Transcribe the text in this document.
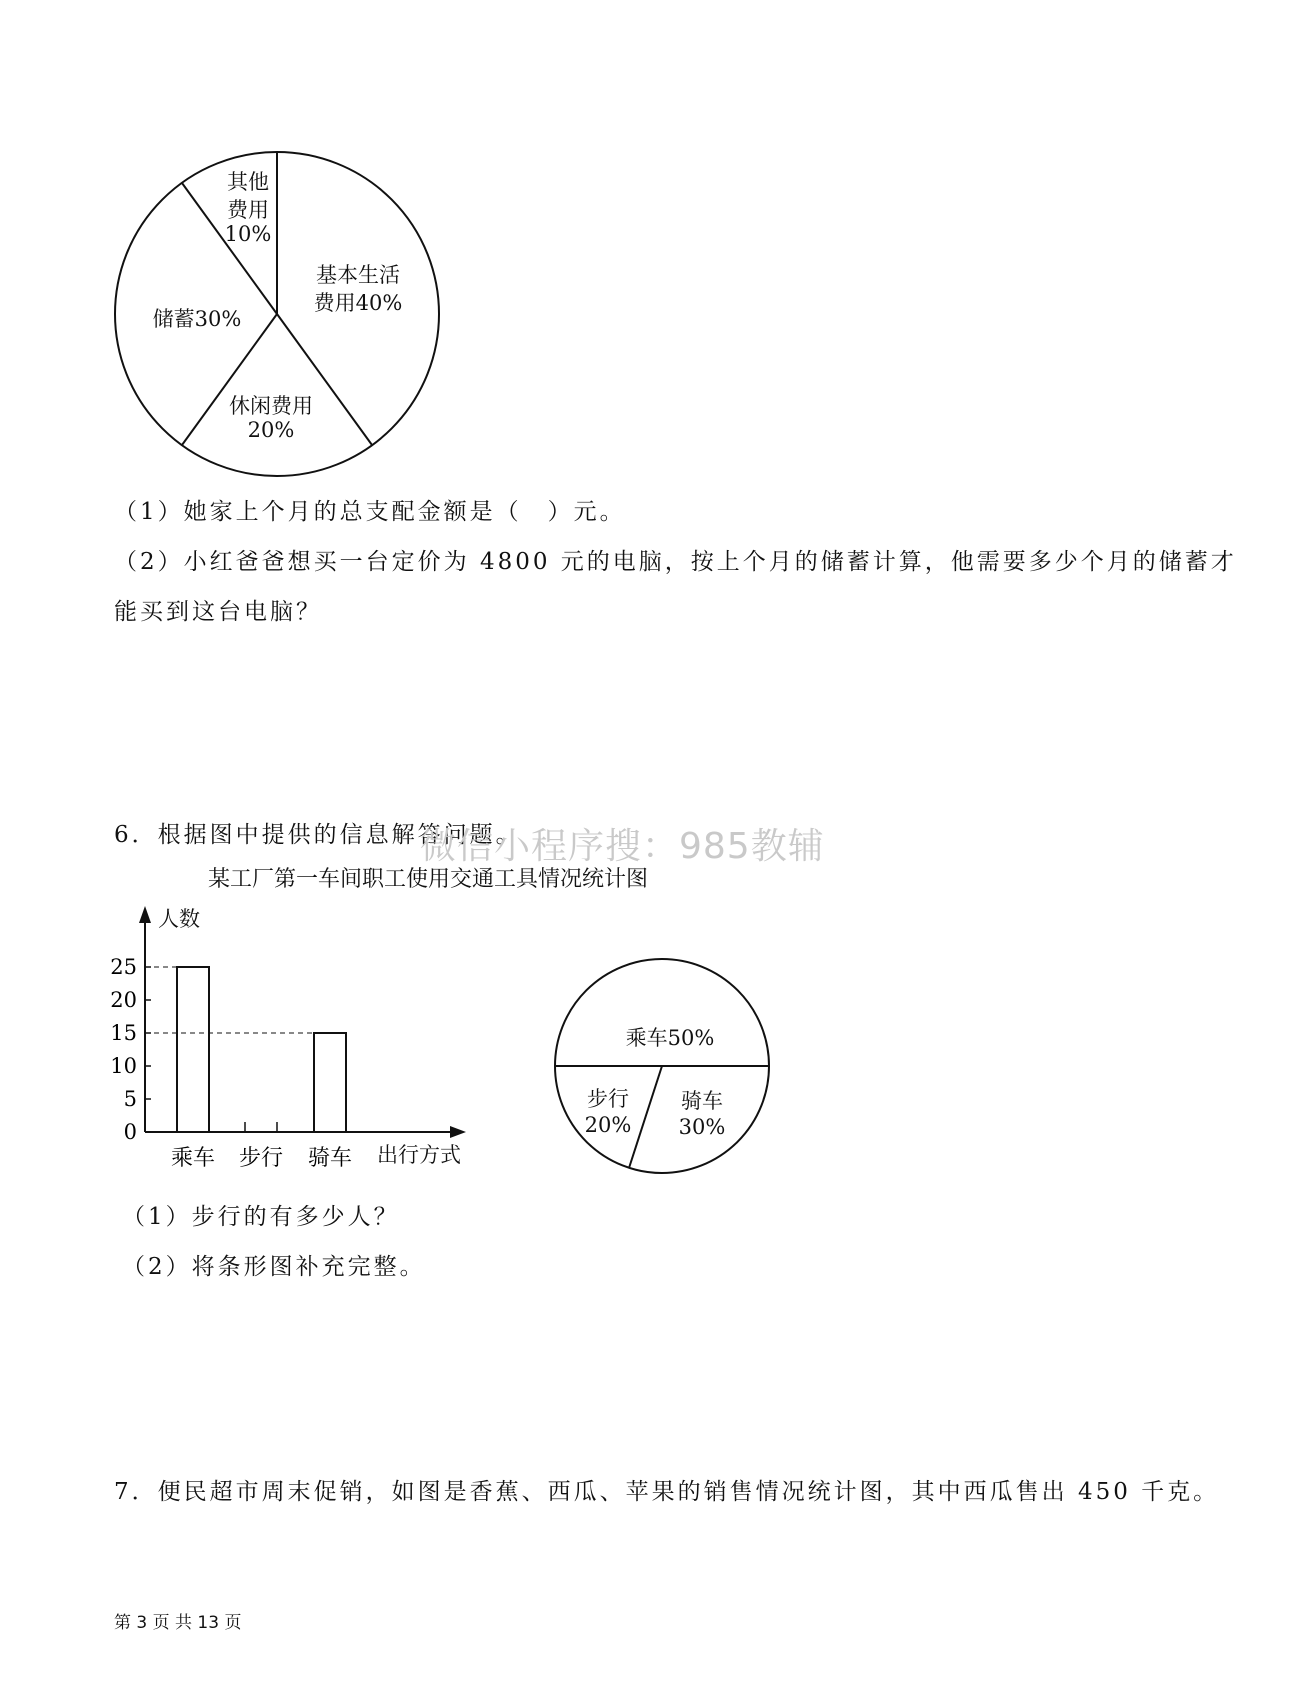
其他
费用
10%
基本生活
费用40%
储蓄30%
休闲费用
20%
（1）她家上个月的总支配金额是（　）元。
（2）小红爸爸想买一台定价为 4800 元的电脑，按上个月的储蓄计算，他需要多少个月的储蓄才
能买到这台电脑？
6．根据图中提供的信息解答问题。
微信小程序搜：985教辅
某工厂第一车间职工使用交通工具情况统计图
0
5
10
15
20
25
乘车 步行 骑车
人数
出行方式
乘车50%
步行
20%
骑车
30%
（1）步行的有多少人？
（2）将条形图补充完整。
7．便民超市周末促销，如图是香蕉、西瓜、苹果的销售情况统计图，其中西瓜售出 450 千克。
第 3 页 共 13 页
